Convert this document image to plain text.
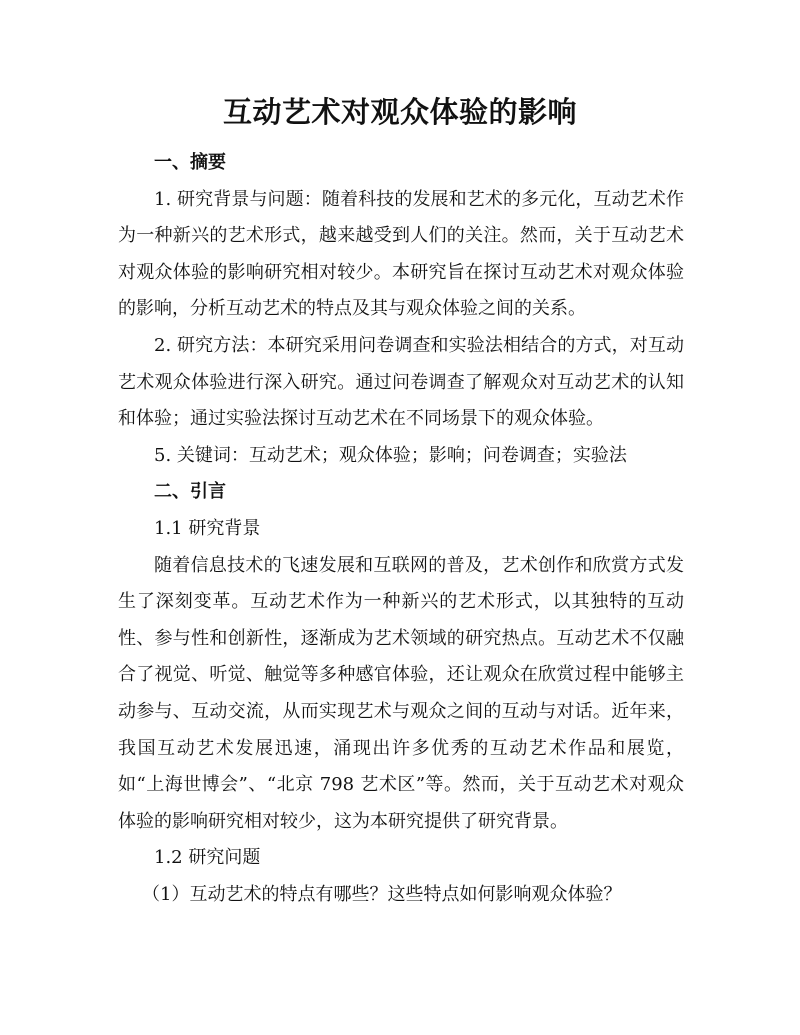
互动艺术对观众体验的影响

一、摘要

1. 研究背景与问题：随着科技的发展和艺术的多元化，互动艺术作为一种新兴的艺术形式，越来越受到人们的关注。然而，关于互动艺术对观众体验的影响研究相对较少。本研究旨在探讨互动艺术对观众体验的影响，分析互动艺术的特点及其与观众体验之间的关系。

2. 研究方法：本研究采用问卷调查和实验法相结合的方式，对互动艺术观众体验进行深入研究。通过问卷调查了解观众对互动艺术的认知和体验；通过实验法探讨互动艺术在不同场景下的观众体验。

5. 关键词：互动艺术；观众体验；影响；问卷调查；实验法

二、引言

1.1 研究背景

随着信息技术的飞速发展和互联网的普及，艺术创作和欣赏方式发生了深刻变革。互动艺术作为一种新兴的艺术形式，以其独特的互动性、参与性和创新性，逐渐成为艺术领域的研究热点。互动艺术不仅融合了视觉、听觉、触觉等多种感官体验，还让观众在欣赏过程中能够主动参与、互动交流，从而实现艺术与观众之间的互动与对话。近年来，我国互动艺术发展迅速，涌现出许多优秀的互动艺术作品和展览，如“上海世博会”、“北京 798 艺术区”等。然而，关于互动艺术对观众体验的影响研究相对较少，这为本研究提供了研究背景。

1.2 研究问题

（1）互动艺术的特点有哪些？这些特点如何影响观众体验？
